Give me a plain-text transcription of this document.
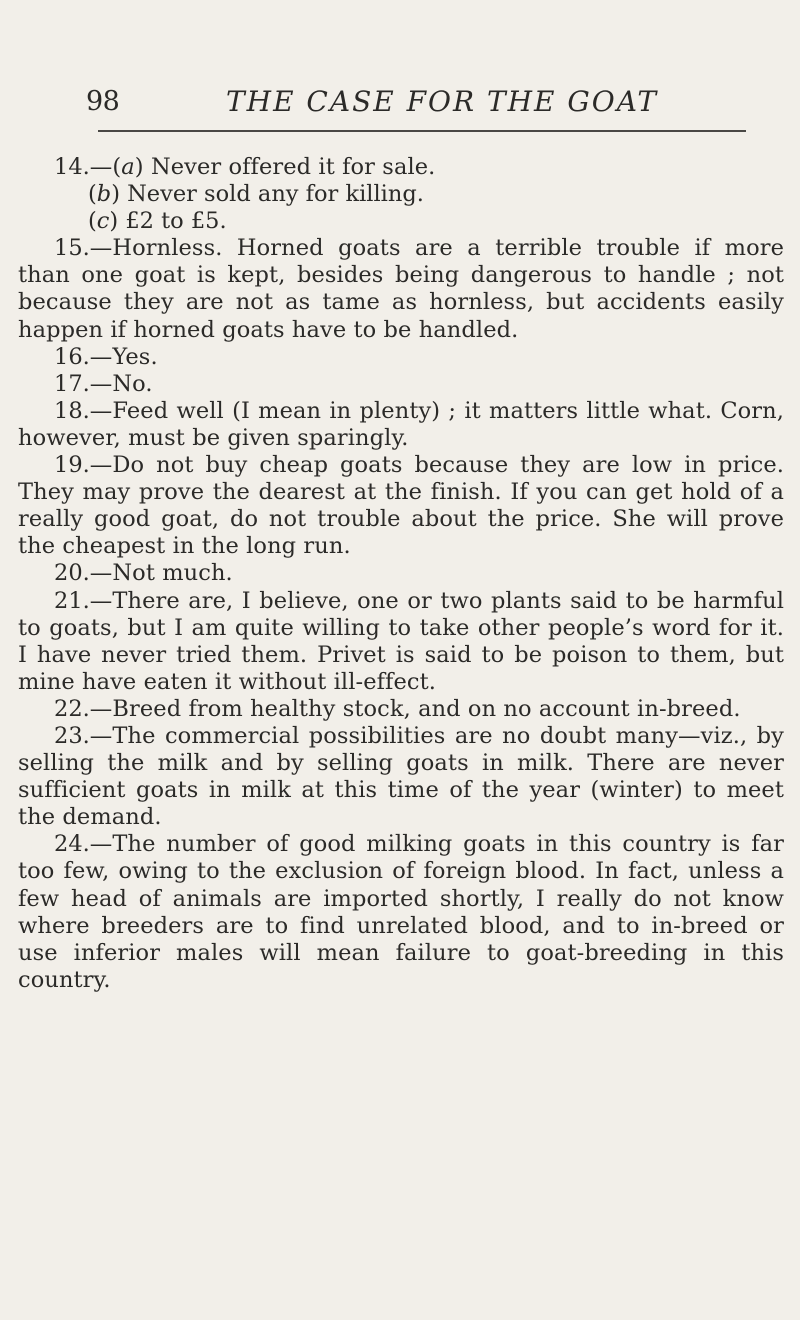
98	THE CASE FOR THE GOAT

14.—(a) Never offered it for sale.

(b) Never sold any for killing.

(c) £2 to £5.

15.—Hornless. Horned goats are a terrible trouble if more than one goat is kept, besides being dangerous to handle ; not because they are not as tame as hornless, but accidents easily happen if horned goats have to be handled.

16.—Yes.

17.—No.

18.—Feed well (I mean in plenty) ; it matters little what. Corn, however, must be given sparingly.

19.—Do not buy cheap goats because they are low in price. They may prove the dearest at the finish. If you can get hold of a really good goat, do not trouble about the price. She will prove the cheapest in the long run.

20.—Not much.

21.—There are, I believe, one or two plants said to be harmful to goats, but I am quite willing to take other people’s word for it. I have never tried them. Privet is said to be poison to them, but mine have eaten it without ill-effect.

22.—Breed from healthy stock, and on no account in-breed.

23.—The commercial possibilities are no doubt many—viz., by selling the milk and by selling goats in milk. There are never sufficient goats in milk at this time of the year (winter) to meet the demand.

24.—The number of good milking goats in this country is far too few, owing to the exclusion of foreign blood. In fact, unless a few head of animals are imported shortly, I really do not know where breeders are to find unrelated blood, and to in-breed or use inferior males will mean failure to goat-breeding in this country.
